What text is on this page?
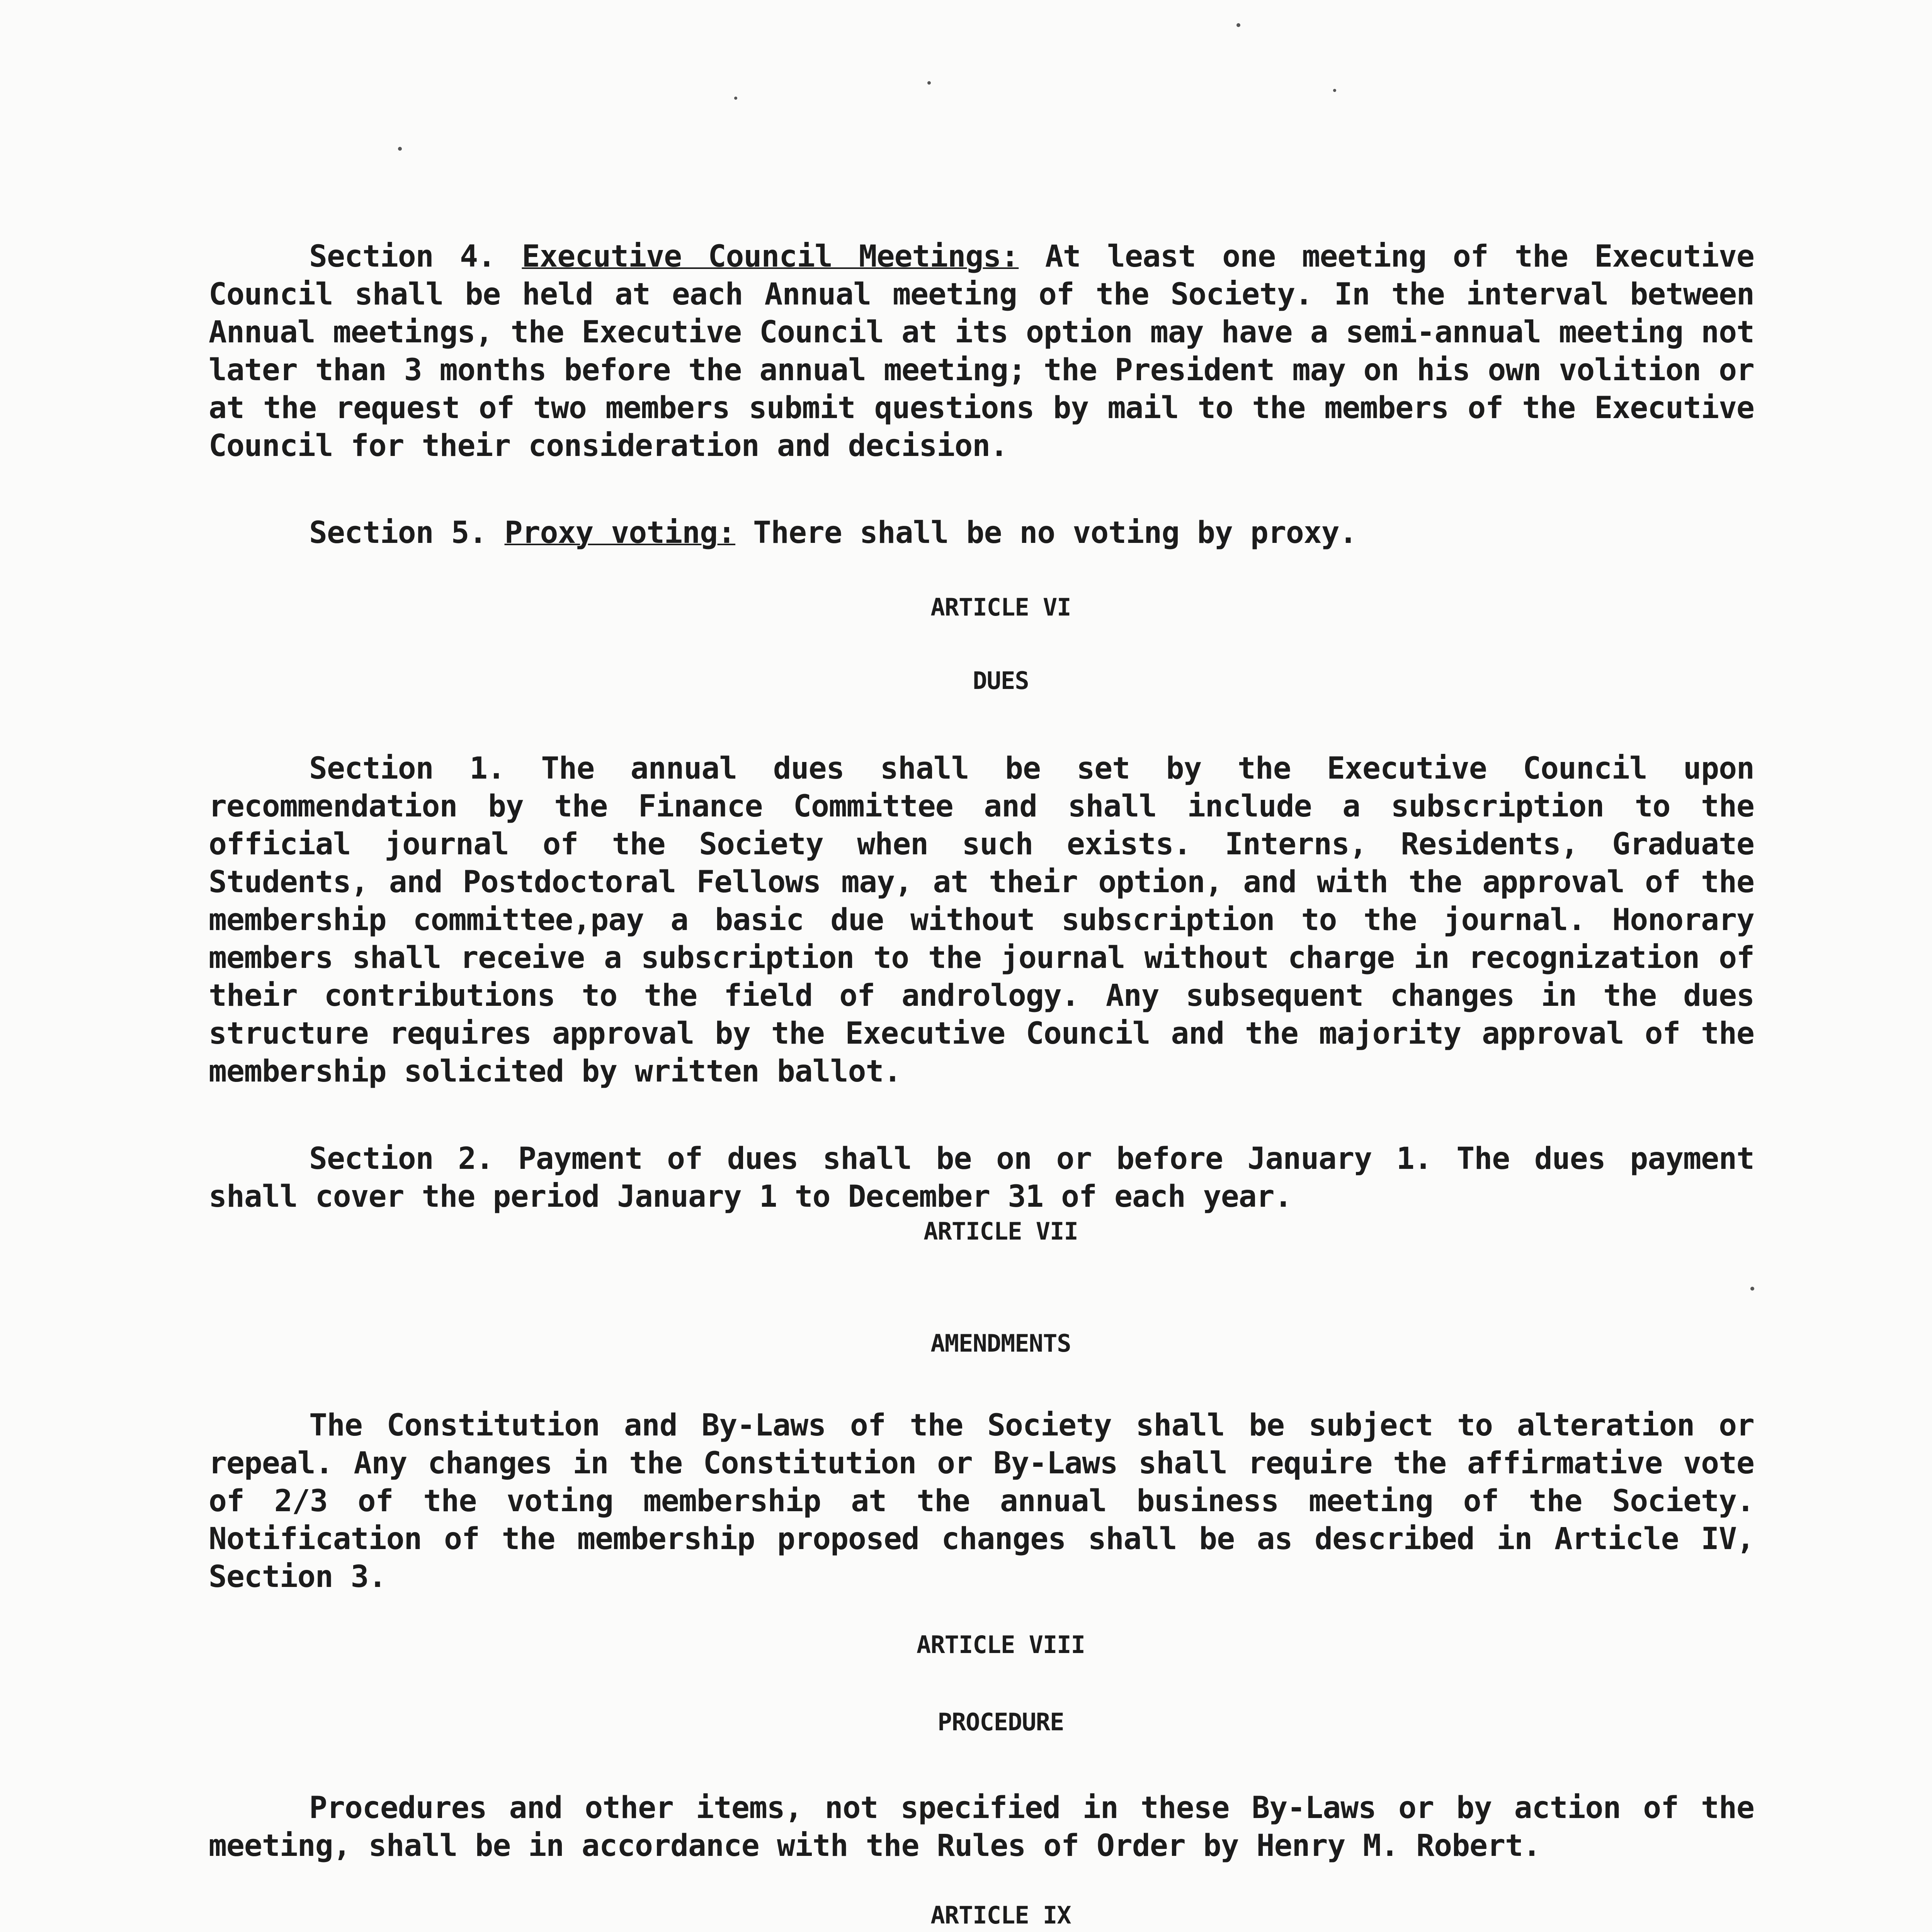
Section 4. Executive Council Meetings: At least one meeting of the Executive Council shall be held at each Annual meeting of the Society. In the interval between Annual meetings, the Executive Council at its option may have a semi-annual meeting not later than 3 months before the annual meeting; the President may on his own volition or at the request of two members submit questions by mail to the members of the Executive Council for their consideration and decision.
Section 5. Proxy voting: There shall be no voting by proxy.
ARTICLE VI
DUES
Section 1. The annual dues shall be set by the Executive Council upon recommendation by the Finance Committee and shall include a subscription to the official journal of the Society when such exists. Interns, Residents, Graduate Students, and Postdoctoral Fellows may, at their option, and with the approval of the membership committee,pay a basic due without subscription to the journal. Honorary members shall receive a subscription to the journal without charge in recognization of their contributions to the field of andrology. Any subsequent changes in the dues structure requires approval by the Executive Council and the majority approval of the membership solicited by written ballot.
Section 2. Payment of dues shall be on or before January 1. The dues payment shall cover the period January 1 to December 31 of each year.
ARTICLE VII
AMENDMENTS
The Constitution and By-Laws of the Society shall be subject to alteration or repeal. Any changes in the Constitution or By-Laws shall require the affirmative vote of 2/3 of the voting membership at the annual business meeting of the Society. Notification of the membership proposed changes shall be as described in Article IV, Section 3.
ARTICLE VIII
PROCEDURE
Procedures and other items, not specified in these By-Laws or by action of the meeting, shall be in accordance with the Rules of Order by Henry M. Robert.
ARTICLE IX
